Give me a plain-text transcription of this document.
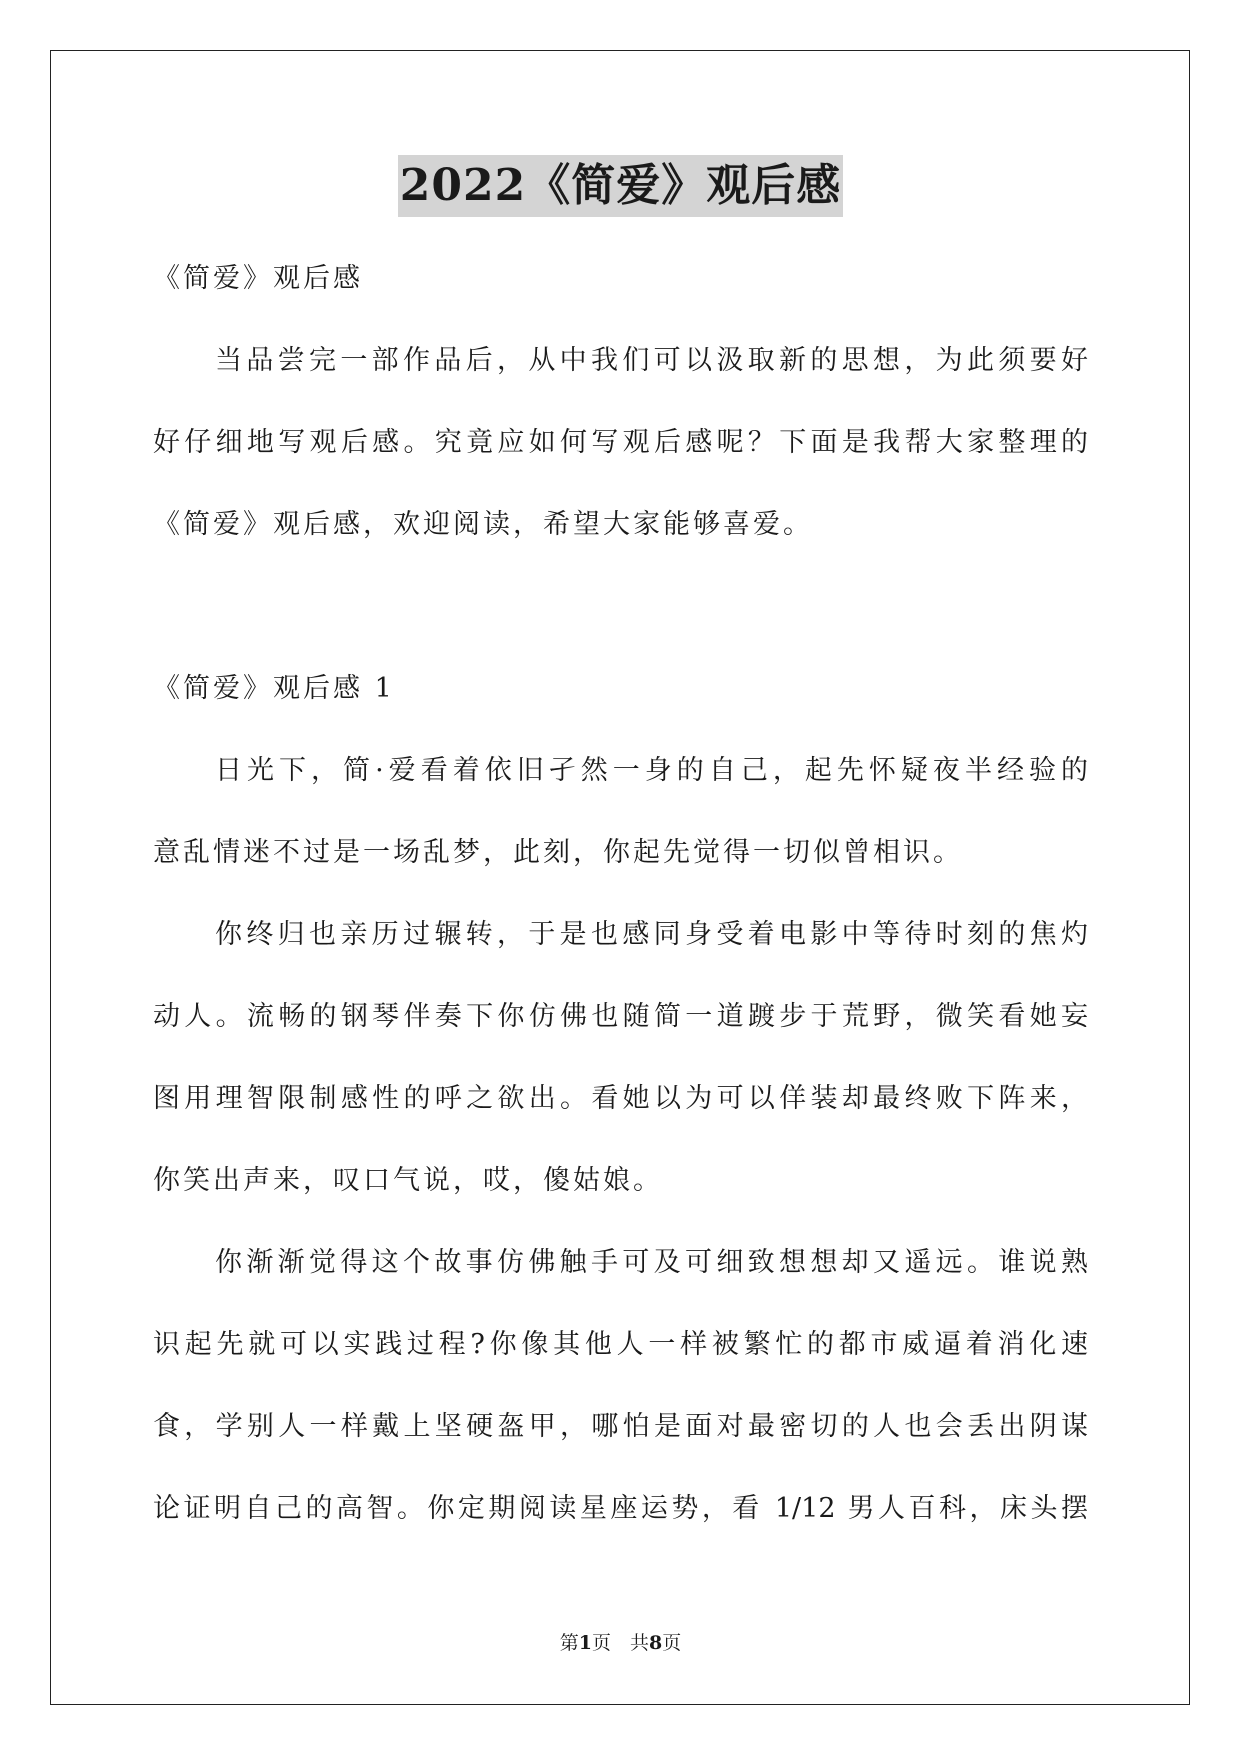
2022《简爱》观后感
《简爱》观后感
当品尝完一部作品后，从中我们可以汲取新的思想，为此须要好
好仔细地写观后感。究竟应如何写观后感呢？下面是我帮大家整理的
《简爱》观后感，欢迎阅读，希望大家能够喜爱。
《简爱》观后感 1
日光下，简·爱看着依旧孑然一身的自己，起先怀疑夜半经验的
意乱情迷不过是一场乱梦，此刻，你起先觉得一切似曾相识。
你终归也亲历过辗转，于是也感同身受着电影中等待时刻的焦灼
动人。流畅的钢琴伴奏下你仿佛也随简一道踱步于荒野，微笑看她妄
图用理智限制感性的呼之欲出。看她以为可以佯装却最终败下阵来，
你笑出声来，叹口气说，哎，傻姑娘。
你渐渐觉得这个故事仿佛触手可及可细致想想却又遥远。谁说熟
识起先就可以实践过程?你像其他人一样被繁忙的都市威逼着消化速
食，学别人一样戴上坚硬盔甲，哪怕是面对最密切的人也会丢出阴谋
论证明自己的高智。你定期阅读星座运势，看 1/12 男人百科，床头摆
第1页　共8页
